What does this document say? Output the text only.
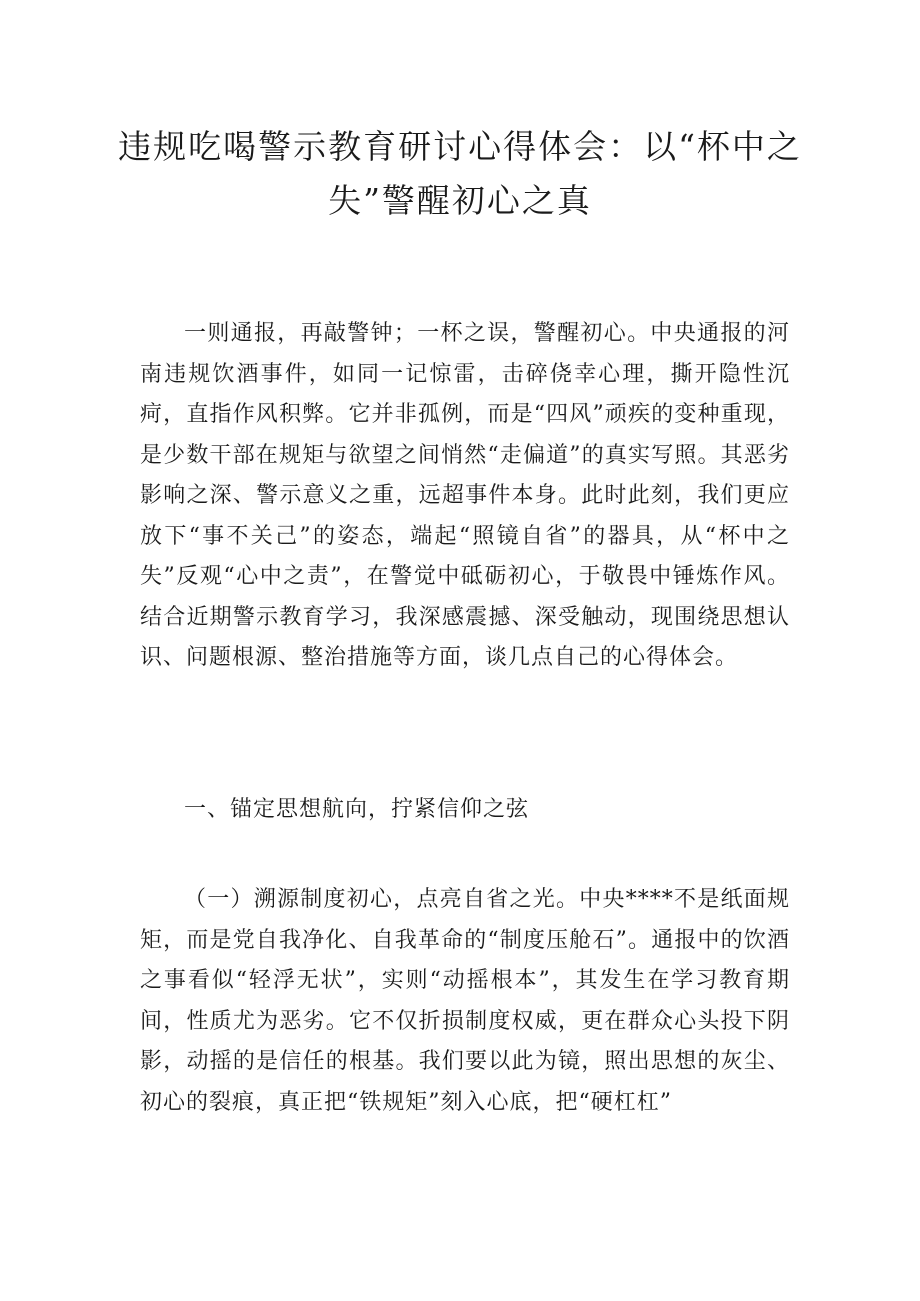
违规吃喝警示教育研讨心得体会：以“杯中之失”警醒初心之真

一则通报，再敲警钟；一杯之误，警醒初心。中央通报的河南违规饮酒事件，如同一记惊雷，击碎侥幸心理，撕开隐性沉疴，直指作风积弊。它并非孤例，而是“四风”顽疾的变种重现，是少数干部在规矩与欲望之间悄然“走偏道”的真实写照。其恶劣影响之深、警示意义之重，远超事件本身。此时此刻，我们更应放下“事不关己”的姿态，端起“照镜自省”的器具，从“杯中之失”反观“心中之责”，在警觉中砥砺初心，于敬畏中锤炼作风。结合近期警示教育学习，我深感震撼、深受触动，现围绕思想认识、问题根源、整治措施等方面，谈几点自己的心得体会。

一、锚定思想航向，拧紧信仰之弦

（一）溯源制度初心，点亮自省之光。中央****不是纸面规矩，而是党自我净化、自我革命的“制度压舱石”。通报中的饮酒之事看似“轻浮无状”，实则“动摇根本”，其发生在学习教育期间，性质尤为恶劣。它不仅折损制度权威，更在群众心头投下阴影，动摇的是信任的根基。我们要以此为镜，照出思想的灰尘、初心的裂痕，真正把“铁规矩”刻入心底，把“硬杠杠”
